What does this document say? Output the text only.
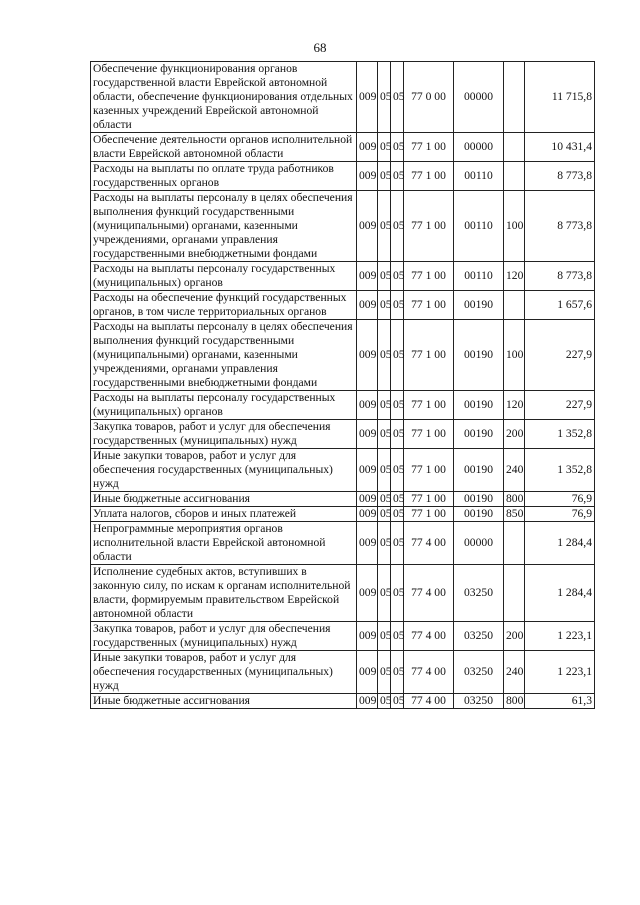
68
Обеспечение функционирования органов государственной власти Еврейской автономной области, обеспечение функционирования отдельных казенных учреждений Еврейской автономной области	009	05	05	77 0 00	00000		11 715,8
Обеспечение деятельности органов исполнительной власти Еврейской автономной области	009	05	05	77 1 00	00000		10 431,4
Расходы на выплаты по оплате труда работников государственных органов	009	05	05	77 1 00	00110		8 773,8
Расходы на выплаты персоналу в целях обеспечения выполнения функций государственными (муниципальными) органами, казенными учреждениями, органами управления государственными внебюджетными фондами	009	05	05	77 1 00	00110	100	8 773,8
Расходы на выплаты персоналу государственных (муниципальных) органов	009	05	05	77 1 00	00110	120	8 773,8
Расходы на обеспечение функций государственных органов, в том числе территориальных органов	009	05	05	77 1 00	00190		1 657,6
Расходы на выплаты персоналу в целях обеспечения выполнения функций государственными (муниципальными) органами, казенными учреждениями, органами управления государственными внебюджетными фондами	009	05	05	77 1 00	00190	100	227,9
Расходы на выплаты персоналу государственных (муниципальных) органов	009	05	05	77 1 00	00190	120	227,9
Закупка товаров, работ и услуг для обеспечения государственных (муниципальных) нужд	009	05	05	77 1 00	00190	200	1 352,8
Иные закупки товаров, работ и услуг для обеспечения государственных (муниципальных) нужд	009	05	05	77 1 00	00190	240	1 352,8
Иные бюджетные ассигнования	009	05	05	77 1 00	00190	800	76,9
Уплата налогов, сборов и иных платежей	009	05	05	77 1 00	00190	850	76,9
Непрограммные мероприятия органов исполнительной власти Еврейской автономной области	009	05	05	77 4 00	00000		1 284,4
Исполнение судебных актов, вступивших в законную силу, по искам к органам исполнительной власти, формируемым правительством Еврейской автономной области	009	05	05	77 4 00	03250		1 284,4
Закупка товаров, работ и услуг для обеспечения государственных (муниципальных) нужд	009	05	05	77 4 00	03250	200	1 223,1
Иные закупки товаров, работ и услуг для обеспечения государственных (муниципальных) нужд	009	05	05	77 4 00	03250	240	1 223,1
Иные бюджетные ассигнования	009	05	05	77 4 00	03250	800	61,3
